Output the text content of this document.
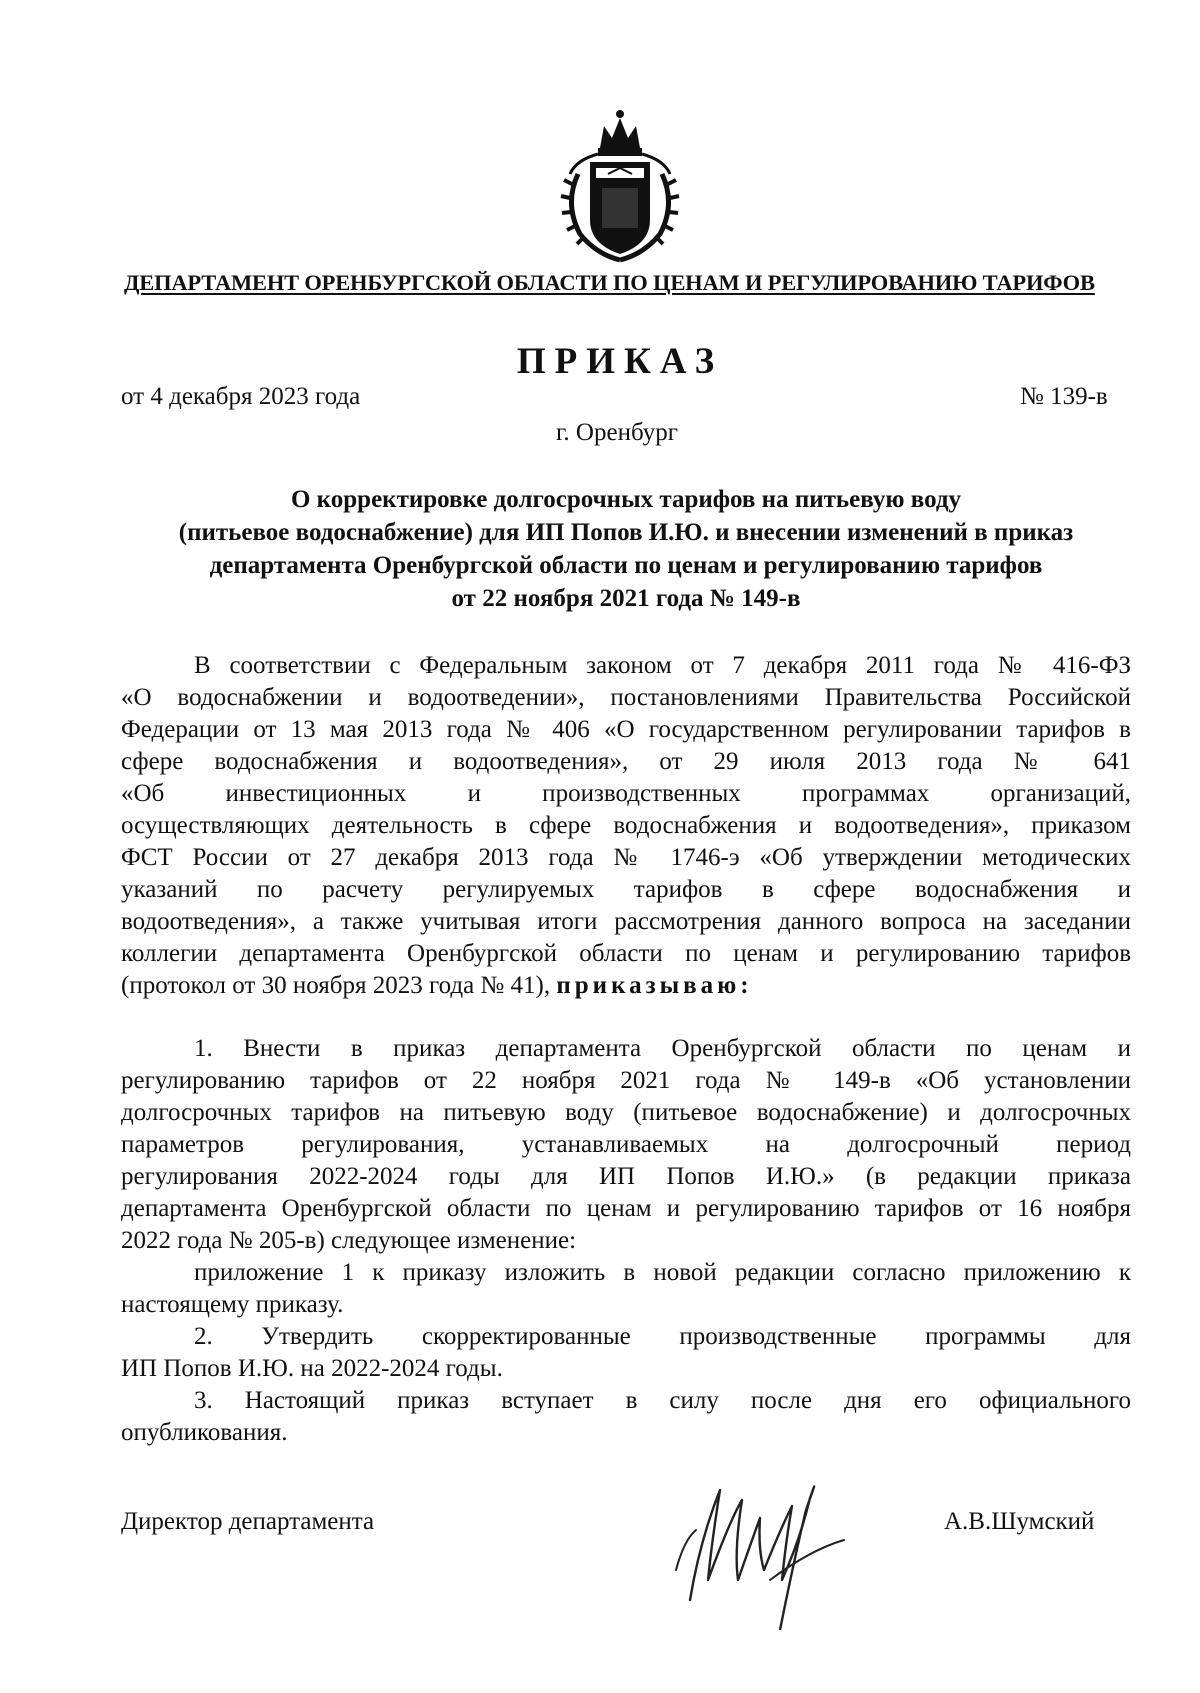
ДЕПАРТАМЕНТ ОРЕНБУРГСКОЙ ОБЛАСТИ ПО ЦЕНАМ И РЕГУЛИРОВАНИЮ ТАРИФОВ
ПРИКАЗ
от 4 декабря 2023 года	№ 139-в
г. Оренбург
О корректировке долгосрочных тарифов на питьевую воду
(питьевое водоснабжение) для ИП Попов И.Ю. и внесении изменений в приказ
департамента Оренбургской области по ценам и регулированию тарифов
от 22 ноября 2021 года № 149-в
В соответствии с Федеральным законом от 7 декабря 2011 года № 416-ФЗ
«О водоснабжении и водоотведении», постановлениями Правительства Российской
Федерации от 13 мая 2013 года № 406 «О государственном регулировании тарифов в
сфере водоснабжения и водоотведения», от 29 июля 2013 года № 641
«Об инвестиционных и производственных программах организаций,
осуществляющих деятельность в сфере водоснабжения и водоотведения», приказом
ФСТ России от 27 декабря 2013 года № 1746-э «Об утверждении методических
указаний по расчету регулируемых тарифов в сфере водоснабжения и
водоотведения», а также учитывая итоги рассмотрения данного вопроса на заседании
коллегии департамента Оренбургской области по ценам и регулированию тарифов
(протокол от 30 ноября 2023 года № 41), приказываю:
1. Внести в приказ департамента Оренбургской области по ценам и
регулированию тарифов от 22 ноября 2021 года № 149-в «Об установлении
долгосрочных тарифов на питьевую воду (питьевое водоснабжение) и долгосрочных
параметров регулирования, устанавливаемых на долгосрочный период
регулирования 2022-2024 годы для ИП Попов И.Ю.» (в редакции приказа
департамента Оренбургской области по ценам и регулированию тарифов от 16 ноября
2022 года № 205-в) следующее изменение:
приложение 1 к приказу изложить в новой редакции согласно приложению к
настоящему приказу.
2. Утвердить скорректированные производственные программы для
ИП Попов И.Ю. на 2022-2024 годы.
3. Настоящий приказ вступает в силу после дня его официального
опубликования.
Директор департамента	А.В.Шумский
